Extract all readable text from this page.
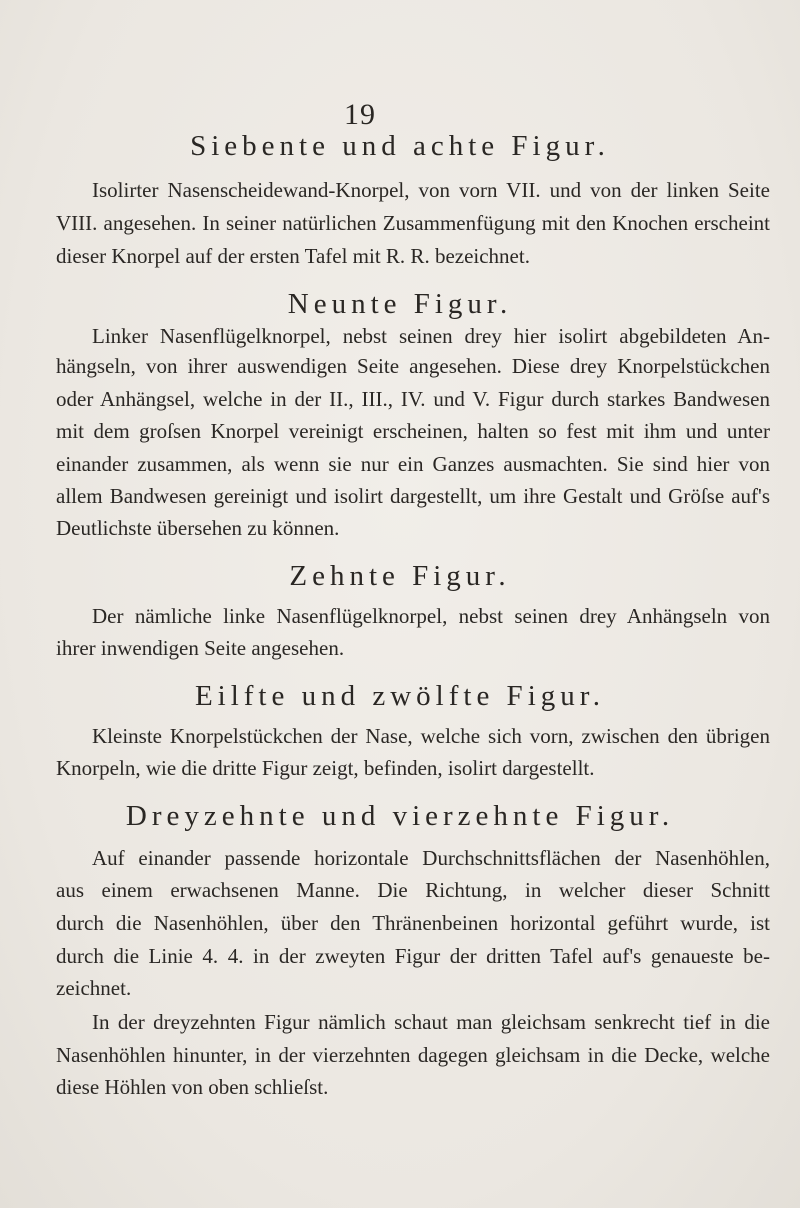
19
Siebente und achte Figur.
Isolirter Nasenscheidewand-Knorpel, von vorn VII. und von der linken Seite
VIII. angesehen. In seiner natürlichen Zusammenfügung mit den Knochen erscheint
dieser Knorpel auf der ersten Tafel mit R. R. bezeichnet.
Neunte Figur.
Linker Nasenflügelknorpel, nebst seinen drey hier isolirt abgebildeten An-
hängseln, von ihrer auswendigen Seite angesehen. Diese drey Knorpelstückchen
oder Anhängsel, welche in der II., III., IV. und V. Figur durch starkes Bandwesen
mit dem groſsen Knorpel vereinigt erscheinen, halten so fest mit ihm und unter
einander zusammen, als wenn sie nur ein Ganzes ausmachten. Sie sind hier von
allem Bandwesen gereinigt und isolirt dargestellt, um ihre Gestalt und Gröſse auf's
Deutlichste übersehen zu können.
Zehnte Figur.
Der nämliche linke Nasenflügelknorpel, nebst seinen drey Anhängseln von
ihrer inwendigen Seite angesehen.
Eilfte und zwölfte Figur.
Kleinste Knorpelstückchen der Nase, welche sich vorn, zwischen den übrigen
Knorpeln, wie die dritte Figur zeigt, befinden, isolirt dargestellt.
Dreyzehnte und vierzehnte Figur.
Auf einander passende horizontale Durchschnittsflächen der Nasenhöhlen,
aus einem erwachsenen Manne. Die Richtung, in welcher dieser Schnitt
durch die Nasenhöhlen, über den Thränenbeinen horizontal geführt wurde, ist
durch die Linie 4. 4. in der zweyten Figur der dritten Tafel auf's genaueste be-
zeichnet.
In der dreyzehnten Figur nämlich schaut man gleichsam senkrecht tief in die
Nasenhöhlen hinunter, in der vierzehnten dagegen gleichsam in die Decke, welche
diese Höhlen von oben schlieſst.
